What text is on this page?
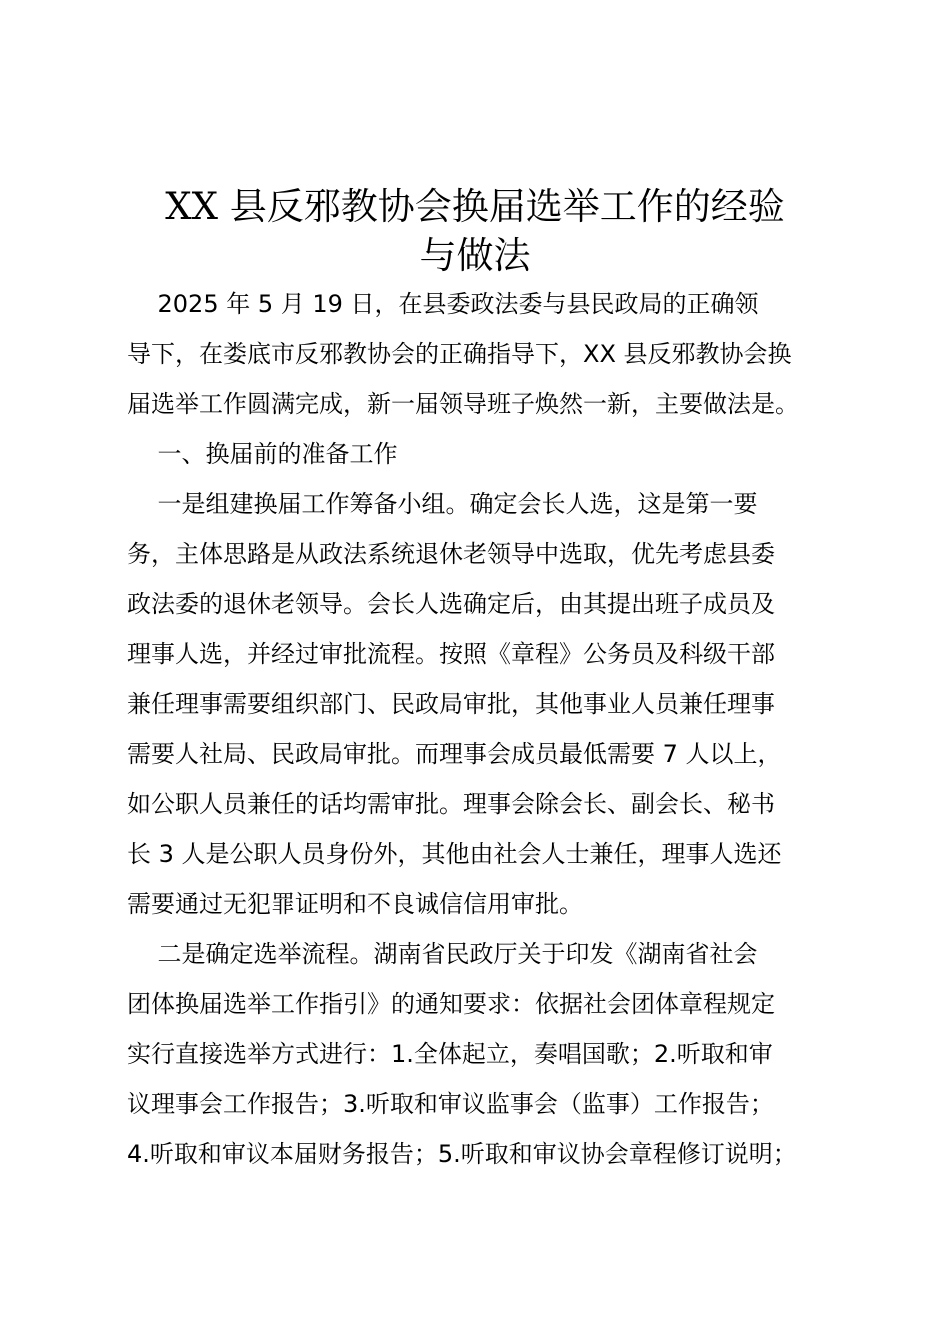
XX 县反邪教协会换届选举工作的经验
与做法
2025 年 5 月 19 日，在县委政法委与县民政局的正确领
导下，在娄底市反邪教协会的正确指导下，XX 县反邪教协会换
届选举工作圆满完成，新一届领导班子焕然一新，主要做法是。
一、换届前的准备工作
一是组建换届工作筹备小组。确定会长人选，这是第一要
务，主体思路是从政法系统退休老领导中选取，优先考虑县委
政法委的退休老领导。会长人选确定后，由其提出班子成员及
理事人选，并经过审批流程。按照《章程》公务员及科级干部
兼任理事需要组织部门、民政局审批，其他事业人员兼任理事
需要人社局、民政局审批。而理事会成员最低需要 7 人以上，
如公职人员兼任的话均需审批。理事会除会长、副会长、秘书
长 3 人是公职人员身份外，其他由社会人士兼任，理事人选还
需要通过无犯罪证明和不良诚信信用审批。
二是确定选举流程。湖南省民政厅关于印发《湖南省社会
团体换届选举工作指引》的通知要求：依据社会团体章程规定
实行直接选举方式进行：1.全体起立，奏唱国歌；2.听取和审
议理事会工作报告；3.听取和审议监事会（监事）工作报告；
4.听取和审议本届财务报告；5.听取和审议协会章程修订说明；
